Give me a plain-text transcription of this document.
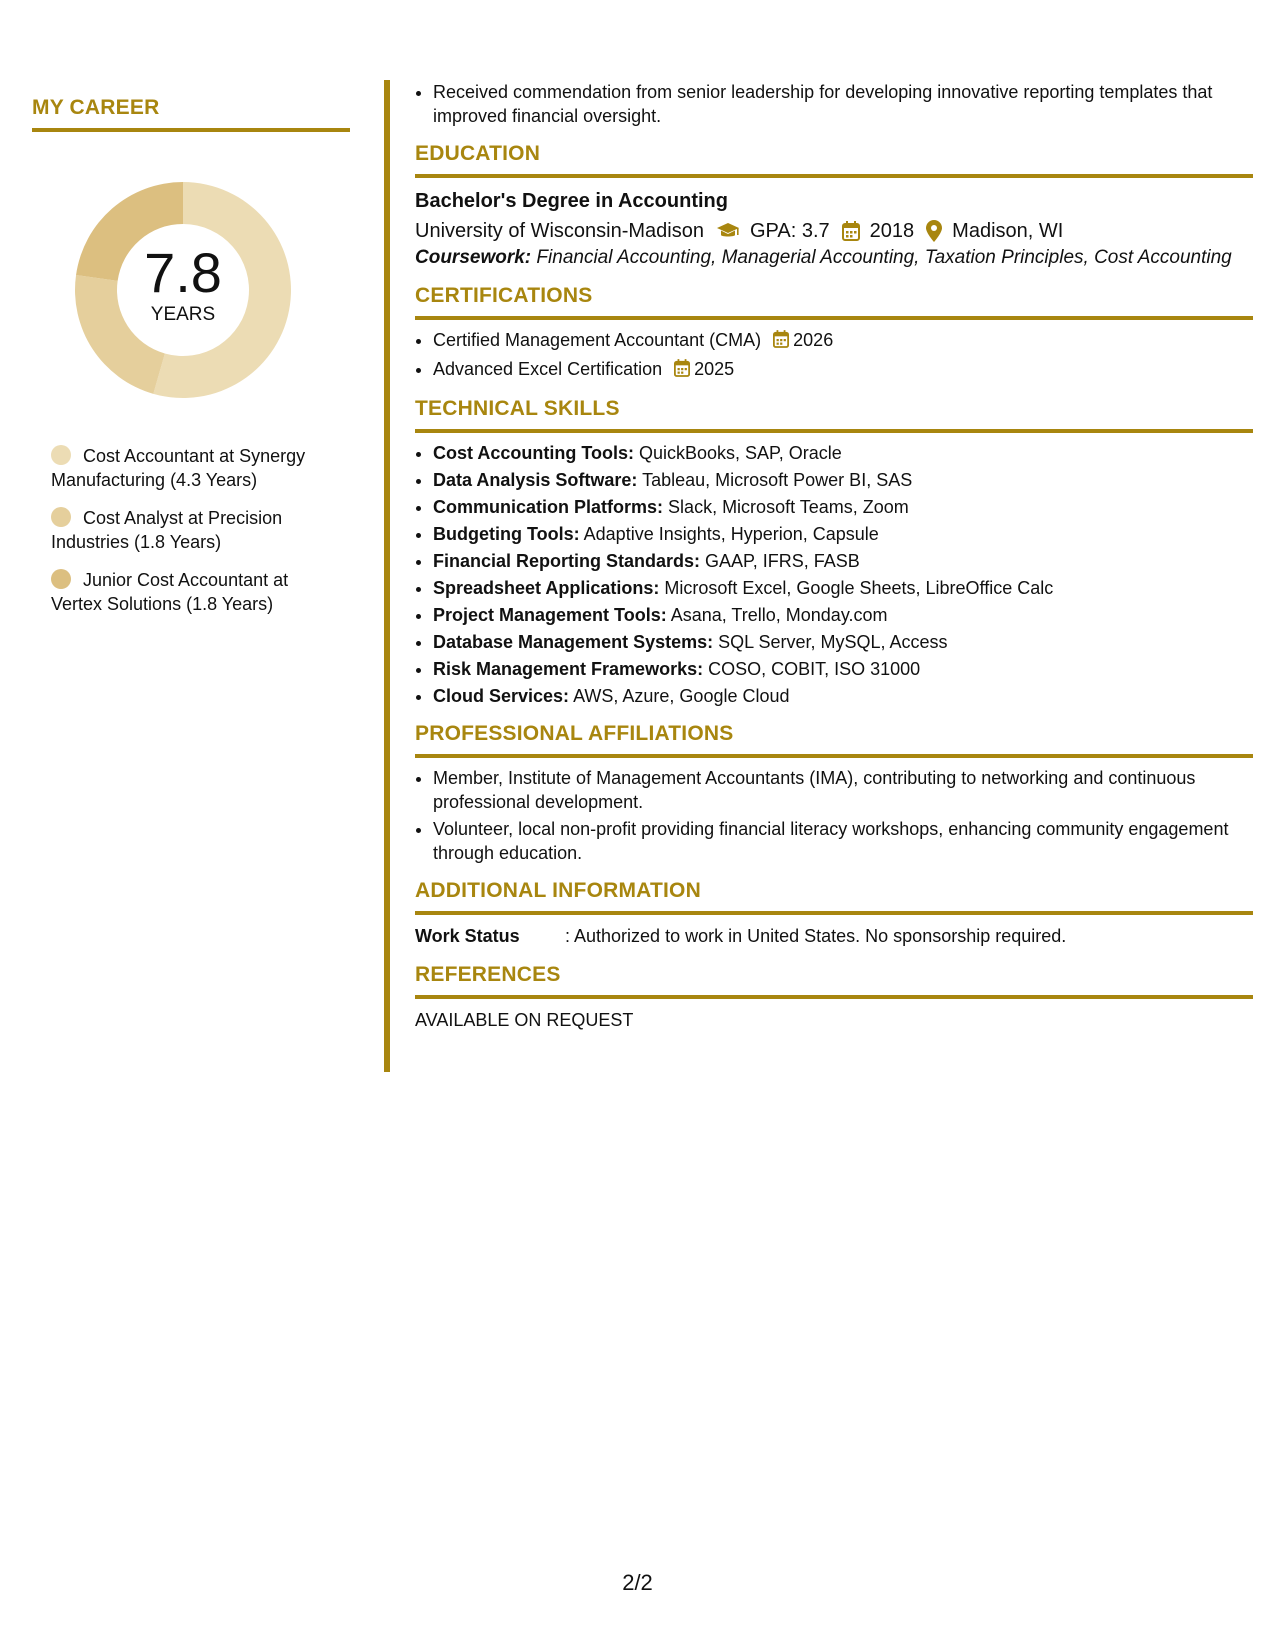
MY CAREER
7.8
YEARS
Cost Accountant at Synergy Manufacturing (4.3 Years)
Cost Analyst at Precision Industries (1.8 Years)
Junior Cost Accountant at Vertex Solutions (1.8 Years)
• Received commendation from senior leadership for developing innovative reporting templates that improved financial oversight.
EDUCATION
Bachelor's Degree in Accounting
University of Wisconsin-Madison GPA: 3.7 2018 Madison, WI
Coursework: Financial Accounting, Managerial Accounting, Taxation Principles, Cost Accounting
CERTIFICATIONS
• Certified Management Accountant (CMA) 2026
• Advanced Excel Certification 2025
TECHNICAL SKILLS
• Cost Accounting Tools: QuickBooks, SAP, Oracle
• Data Analysis Software: Tableau, Microsoft Power BI, SAS
• Communication Platforms: Slack, Microsoft Teams, Zoom
• Budgeting Tools: Adaptive Insights, Hyperion, Capsule
• Financial Reporting Standards: GAAP, IFRS, FASB
• Spreadsheet Applications: Microsoft Excel, Google Sheets, LibreOffice Calc
• Project Management Tools: Asana, Trello, Monday.com
• Database Management Systems: SQL Server, MySQL, Access
• Risk Management Frameworks: COSO, COBIT, ISO 31000
• Cloud Services: AWS, Azure, Google Cloud
PROFESSIONAL AFFILIATIONS
• Member, Institute of Management Accountants (IMA), contributing to networking and continuous professional development.
• Volunteer, local non-profit providing financial literacy workshops, enhancing community engagement through education.
ADDITIONAL INFORMATION
Work Status	: Authorized to work in United States. No sponsorship required.
REFERENCES
AVAILABLE ON REQUEST
2/2
